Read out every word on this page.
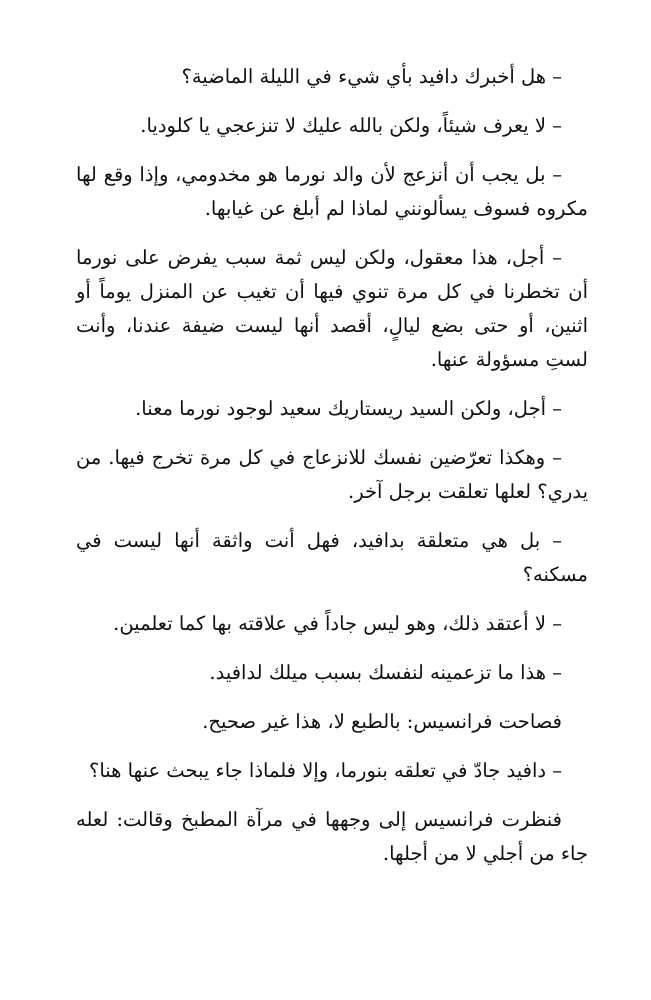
– هل أخبرك دافيد بأي شيء في الليلة الماضية؟

– لا يعرف شيئاً، ولكن بالله عليك لا تنزعجي يا كلوديا.

– بل يجب أن أنزعج لأن والد نورما هو مخدومي، وإذا وقع لها مكروه فسوف يسألونني لماذا لم أبلغ عن غيابها.

– أجل، هذا معقول، ولكن ليس ثمة سبب يفرض على نورما أن تخطرنا في كل مرة تنوي فيها أن تغيب عن المنزل يوماً أو اثنين، أو حتى بضع ليالٍ، أقصد أنها ليست ضيفة عندنا، وأنت لستِ مسؤولة عنها.

– أجل، ولكن السيد ريستاريك سعيد لوجود نورما معنا.

– وهكذا تعرّضين نفسك للانزعاج في كل مرة تخرج فيها. من يدري؟ لعلها تعلقت برجل آخر.

– بل هي متعلقة بدافيد، فهل أنت واثقة أنها ليست في مسكنه؟

– لا أعتقد ذلك، وهو ليس جاداً في علاقته بها كما تعلمين.

– هذا ما تزعمينه لنفسك بسبب ميلك لدافيد.

فصاحت فرانسيس: بالطبع لا، هذا غير صحيح.

– دافيد جادّ في تعلقه بنورما، وإلا فلماذا جاء يبحث عنها هنا؟

فنظرت فرانسيس إلى وجهها في مرآة المطبخ وقالت: لعله جاء من أجلي لا من أجلها.
